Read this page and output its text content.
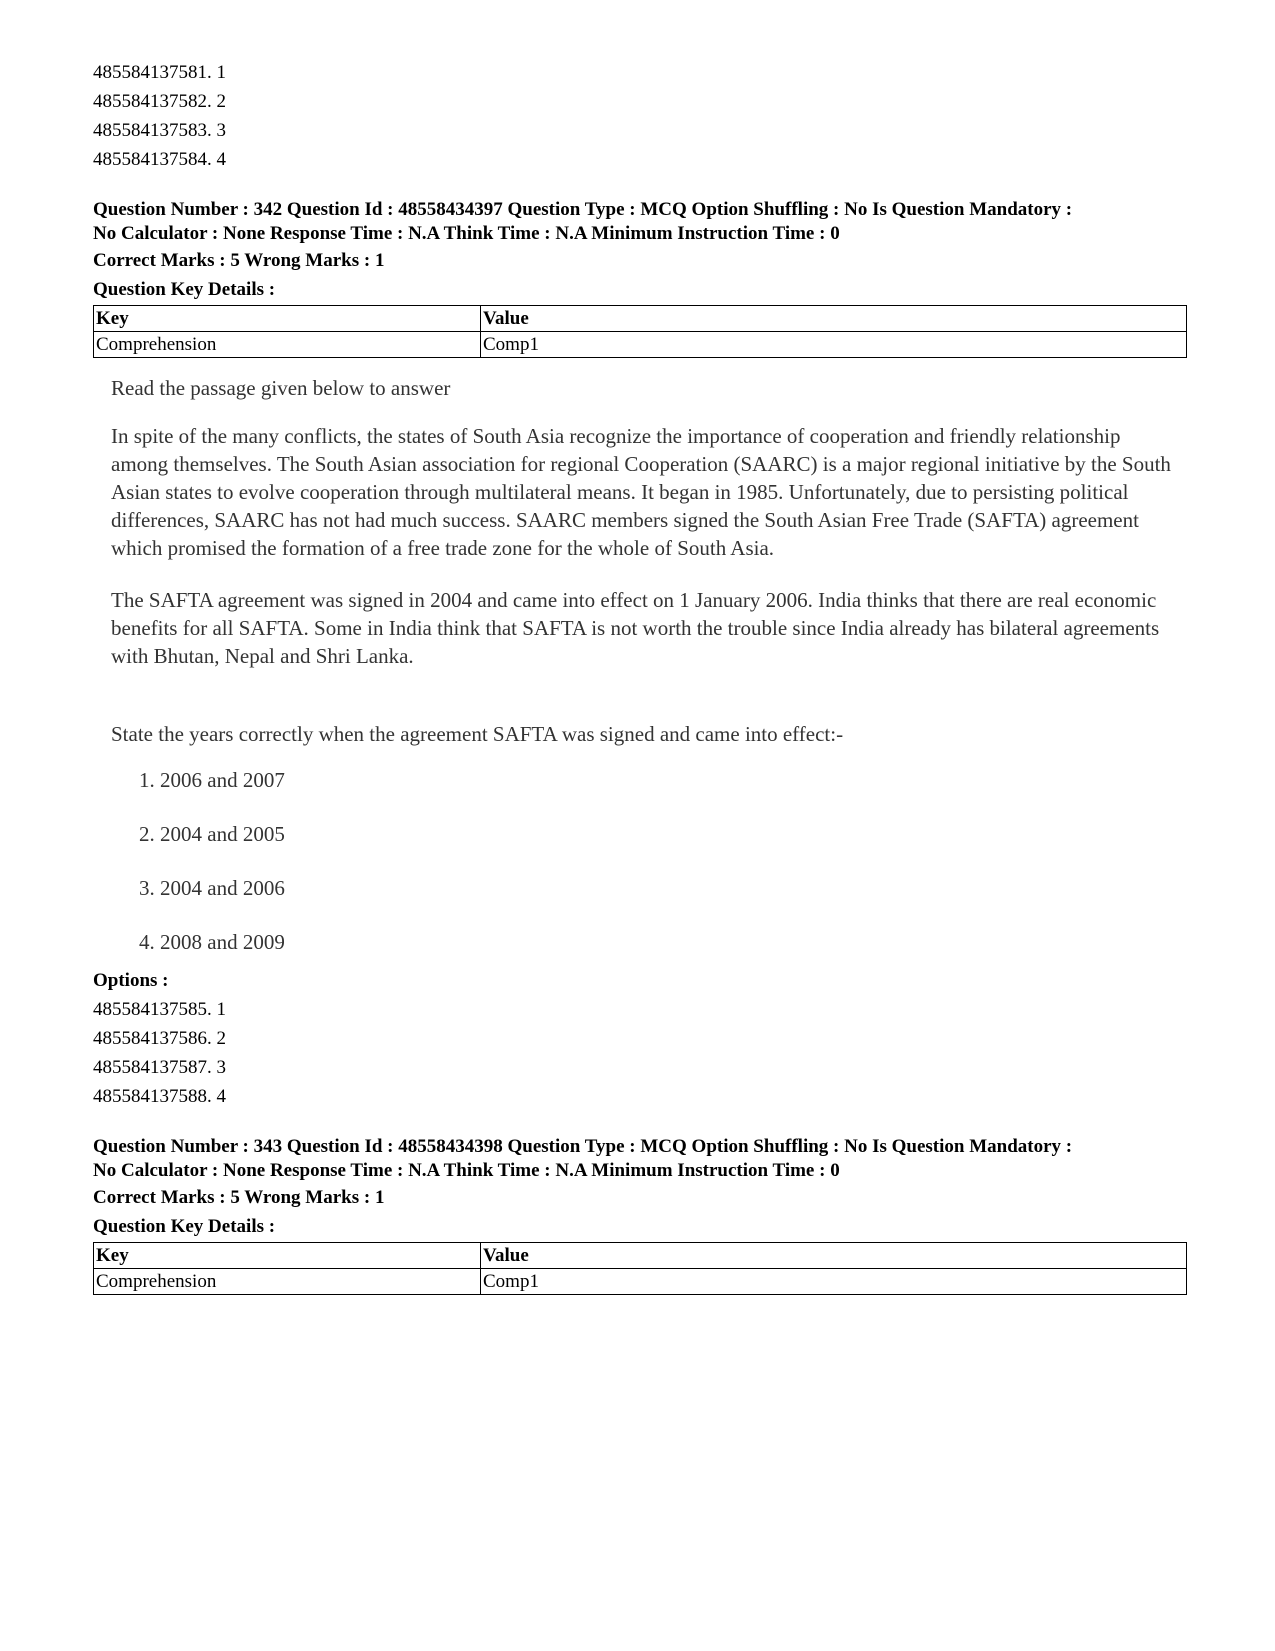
485584137581. 1
485584137582. 2
485584137583. 3
485584137584. 4
Question Number : 342 Question Id : 48558434397 Question Type : MCQ Option Shuffling : No Is Question Mandatory :
No Calculator : None Response Time : N.A Think Time : N.A Minimum Instruction Time : 0
Correct Marks : 5 Wrong Marks : 1
Question Key Details :
Key	Value
Comprehension	Comp1

Read the passage given below to answer

In spite of the many conflicts, the states of South Asia recognize the importance of cooperation and friendly relationship among themselves. The South Asian association for regional Cooperation (SAARC) is a major regional initiative by the South Asian states to evolve cooperation through multilateral means. It began in 1985. Unfortunately, due to persisting political differences, SAARC has not had much success. SAARC members signed the South Asian Free Trade (SAFTA) agreement which promised the formation of a free trade zone for the whole of South Asia.

The SAFTA agreement was signed in 2004 and came into effect on 1 January 2006. India thinks that there are real economic benefits for all SAFTA. Some in India think that SAFTA is not worth the trouble since India already has bilateral agreements with Bhutan, Nepal and Shri Lanka.

State the years correctly when the agreement SAFTA was signed and came into effect:-

1. 2006 and 2007
2. 2004 and 2005
3. 2004 and 2006
4. 2008 and 2009
Options :
485584137585. 1
485584137586. 2
485584137587. 3
485584137588. 4
Question Number : 343 Question Id : 48558434398 Question Type : MCQ Option Shuffling : No Is Question Mandatory :
No Calculator : None Response Time : N.A Think Time : N.A Minimum Instruction Time : 0
Correct Marks : 5 Wrong Marks : 1
Question Key Details :
Key	Value
Comprehension	Comp1
